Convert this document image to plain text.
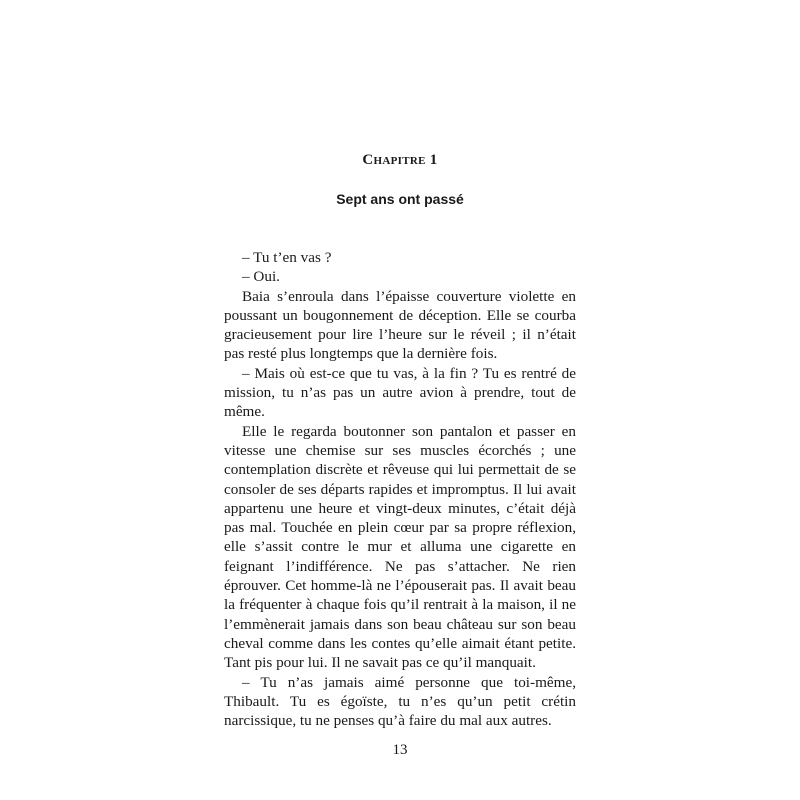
Chapitre 1
Sept ans ont passé

– Tu t’en vas ?

– Oui.

Baia s’enroula dans l’épaisse couverture violette en poussant un bougonnement de déception. Elle se courba gracieusement pour lire l’heure sur le réveil ; il n’était pas resté plus longtemps que la dernière fois.

– Mais où est-ce que tu vas, à la fin ? Tu es rentré de mission, tu n’as pas un autre avion à prendre, tout de même.

Elle le regarda boutonner son pantalon et passer en vitesse une chemise sur ses muscles écorchés ; une contemplation discrète et rêveuse qui lui permettait de se consoler de ses départs rapides et impromptus. Il lui avait appartenu une heure et vingt-deux minutes, c’était déjà pas mal. Touchée en plein cœur par sa propre réflexion, elle s’assit contre le mur et alluma une cigarette en feignant l’indifférence. Ne pas s’attacher. Ne rien éprouver. Cet homme-là ne l’épouserait pas. Il avait beau la fréquenter à chaque fois qu’il rentrait à la maison, il ne l’emmènerait jamais dans son beau château sur son beau cheval comme dans les contes qu’elle aimait étant petite. Tant pis pour lui. Il ne savait pas ce qu’il manquait.

– Tu n’as jamais aimé personne que toi-même, Thibault. Tu es égoïste, tu n’es qu’un petit crétin narcissique, tu ne penses qu’à faire du mal aux autres.

13
